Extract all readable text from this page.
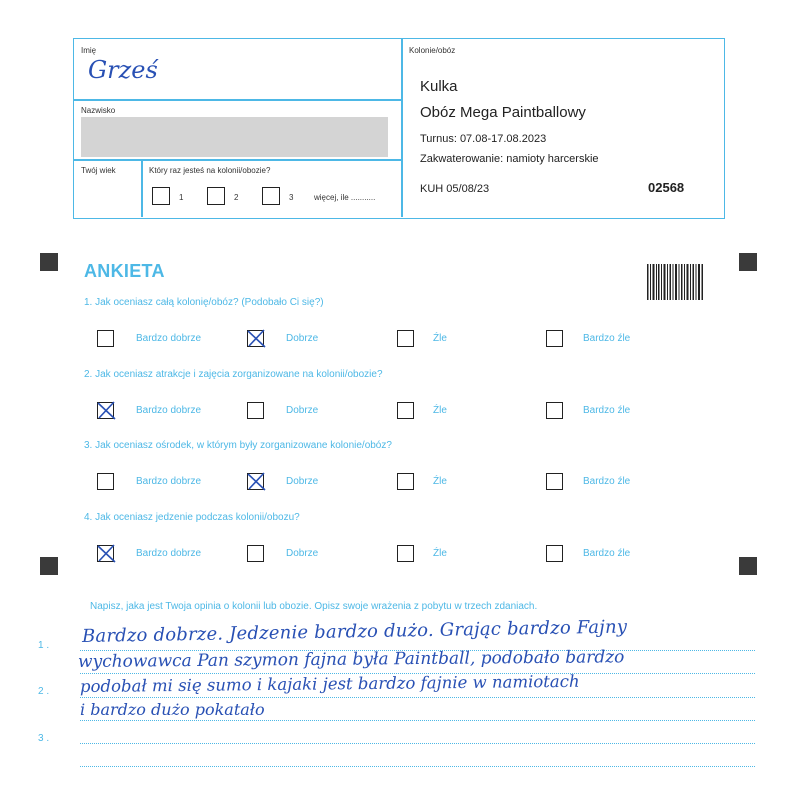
Imię
Grześ
Nazwisko
Twój wiek	Który raz jesteś na kolonii/obozie?
1	2	3	więcej, ile ...........
Kolonie/obóz
Kulka
Obóz Mega Paintballowy
Turnus: 07.08-17.08.2023
Zakwaterowanie: namioty harcerskie
KUH 05/08/23	02568
ANKIETA
1. Jak oceniasz całą kolonię/obóz? (Podobało Ci się?)
Bardzo dobrze	Dobrze	Źle	Bardzo źle
2. Jak oceniasz atrakcje i zajęcia zorganizowane na kolonii/obozie?
Bardzo dobrze	Dobrze	Źle	Bardzo źle
3. Jak oceniasz ośrodek, w którym były zorganizowane kolonie/obóz?
Bardzo dobrze	Dobrze	Źle	Bardzo źle
4. Jak oceniasz jedzenie podczas kolonii/obozu?
Bardzo dobrze	Dobrze	Źle	Bardzo źle
Napisz, jaka jest Twoja opinia o kolonii lub obozie. Opisz swoje wrażenia z pobytu w trzech zdaniach.
1 .
2 .
3 .
Bardzo dobrze. Jedzenie bardzo dużo. Grając bardzo Fajny
wychowawca Pan szymon fajna była Paintball, podobało bardzo
podobał mi się sumo i kajaki jest bardzo fajnie w namiotach
i bardzo dużo pokatało
